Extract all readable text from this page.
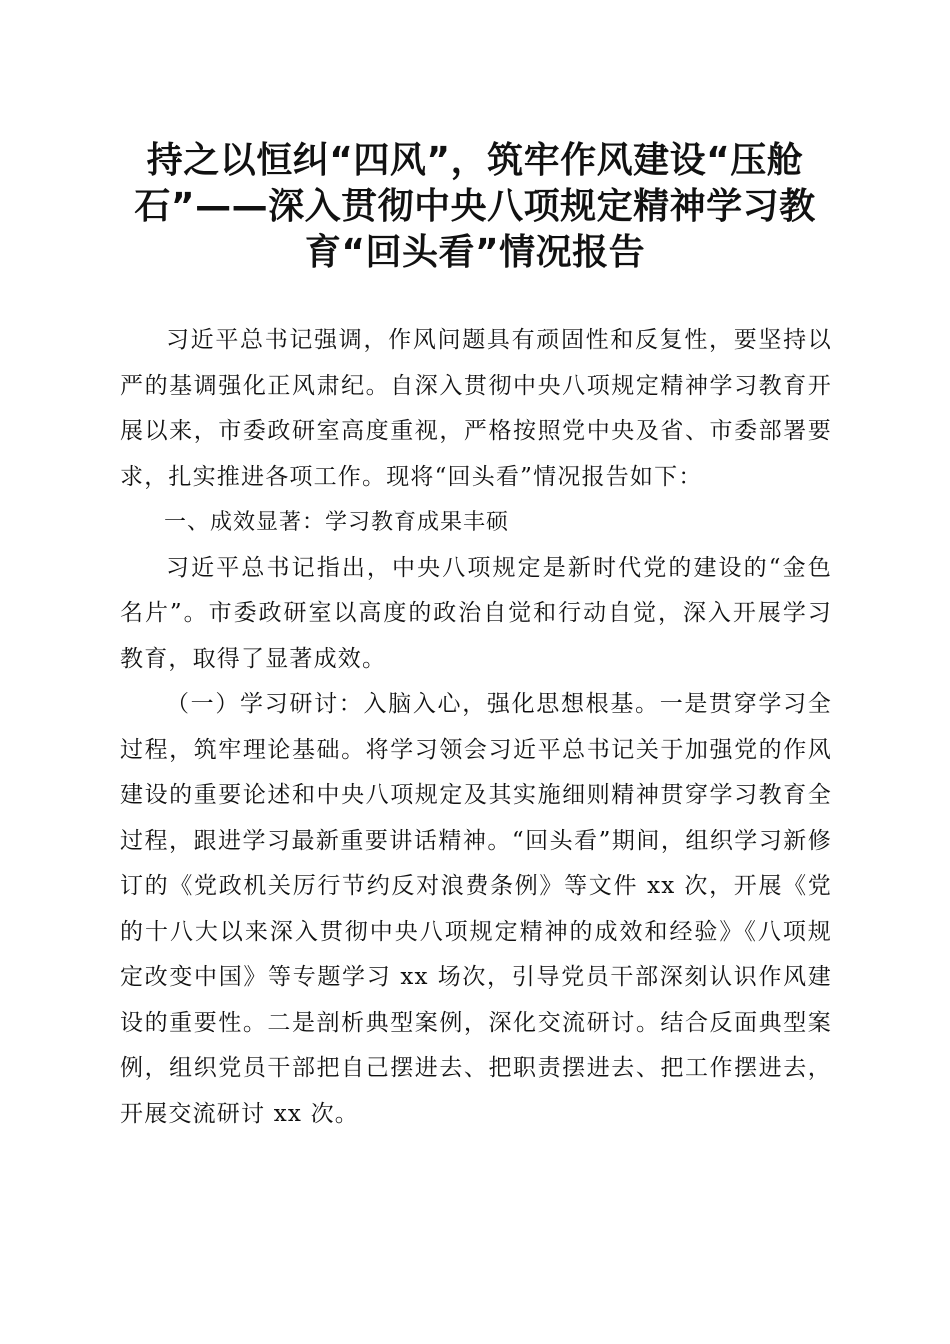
持之以恒纠“四风”，筑牢作风建设“压舱石”——深入贯彻中央八项规定精神学习教育“回头看”情况报告

习近平总书记强调，作风问题具有顽固性和反复性，要坚持以严的基调强化正风肃纪。自深入贯彻中央八项规定精神学习教育开展以来，市委政研室高度重视，严格按照党中央及省、市委部署要求，扎实推进各项工作。现将“回头看”情况报告如下：

一、成效显著：学习教育成果丰硕

习近平总书记指出，中央八项规定是新时代党的建设的“金色名片”。市委政研室以高度的政治自觉和行动自觉，深入开展学习教育，取得了显著成效。

（一）学习研讨：入脑入心，强化思想根基。一是贯穿学习全过程，筑牢理论基础。将学习领会习近平总书记关于加强党的作风建设的重要论述和中央八项规定及其实施细则精神贯穿学习教育全过程，跟进学习最新重要讲话精神。“回头看”期间，组织学习新修订的《党政机关厉行节约反对浪费条例》等文件 xx 次，开展《党的十八大以来深入贯彻中央八项规定精神的成效和经验》《八项规定改变中国》等专题学习 xx 场次，引导党员干部深刻认识作风建设的重要性。二是剖析典型案例，深化交流研讨。结合反面典型案例，组织党员干部把自己摆进去、把职责摆进去、把工作摆进去，开展交流研讨 xx 次。
